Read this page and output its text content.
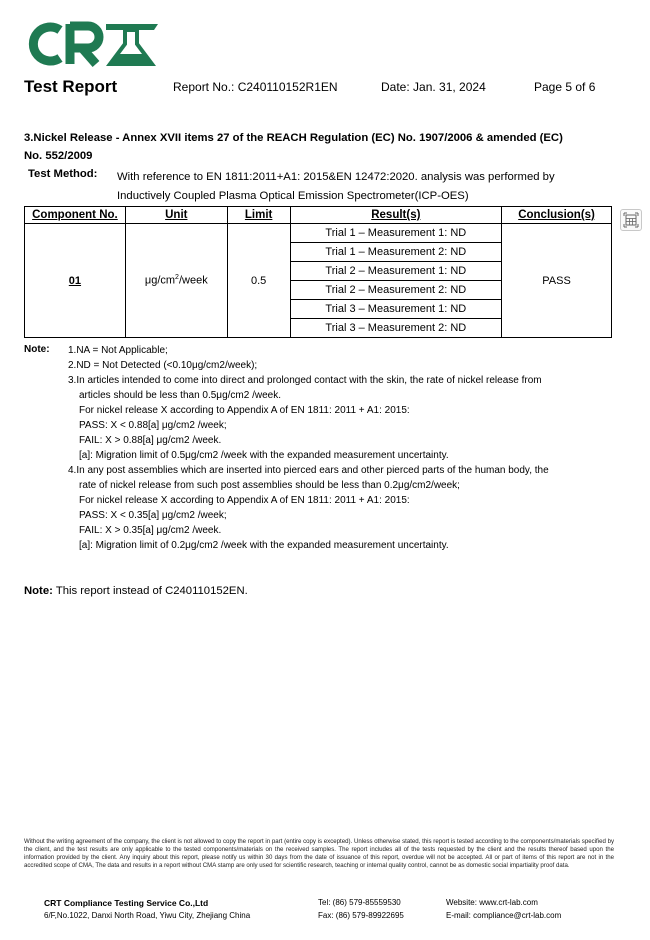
Test Report	Report No.: C240110152R1EN	Date: Jan. 31, 2024	Page 5 of 6
3.Nickel Release - Annex XVII items 27 of the REACH Regulation (EC) No. 1907/2006 & amended (EC)
No. 552/2009
Test Method: With reference to EN 1811:2011+A1: 2015&EN 12472:2020. analysis was performed by
Inductively Coupled Plasma Optical Emission Spectrometer(ICP-OES)
Component No.	Unit	Limit	Result(s)	Conclusion(s)
01	$\mu g/cm^2$/week	0.5	Trial 1 – Measurement 1: ND	PASS
			Trial 1 – Measurement 2: ND	
			Trial 2 – Measurement 1: ND	
			Trial 2 – Measurement 2: ND	
			Trial 3 – Measurement 1: ND	
			Trial 3 – Measurement 2: ND	
Note: 1.NA = Not Applicable;
2.ND = Not Detected (<0.10μg/cm2/week);
3.In articles intended to come into direct and prolonged contact with the skin, the rate of nickel release from
articles should be less than 0.5μg/cm2 /week.
For nickel release X according to Appendix A of EN 1811: 2011 + A1: 2015:
PASS: X < 0.88[a] μg/cm2 /week;
FAIL: X > 0.88[a] μg/cm2 /week.
[a]: Migration limit of 0.5μg/cm2 /week with the expanded measurement uncertainty.
4.In any post assemblies which are inserted into pierced ears and other pierced parts of the human body, the
rate of nickel release from such post assemblies should be less than 0.2μg/cm2/week;
For nickel release X according to Appendix A of EN 1811: 2011 + A1: 2015:
PASS: X < 0.35[a] μg/cm2 /week;
FAIL: X > 0.35[a] μg/cm2 /week.
[a]: Migration limit of 0.2μg/cm2 /week with the expanded measurement uncertainty.
Note: This report instead of C240110152EN.
Without the writing agreement of the company, the client is not allowed to copy the report in part (entire copy is excepted). Unless otherwise stated, this report is tested according to the components/materials specified by the client, and the test results are only applicable to the tested components/materials on the received samples. The report includes all of the tests requested by the client and the results thereof based upon the information provided by the client. Any inquiry about this report, please notify us within 30 days from the date of issuance of this report, overdue will not be accepted. All or part of items of this report are not in the accredited scope of CMA, The data and results in a report without CMA stamp are only used for scientific research, teaching or internal quality control, cannot be as domestic social impartiality proof data.
CRT Compliance Testing Service Co.,Ltd
6/F,No.1022, Danxi North Road, Yiwu City, Zhejiang China
Tel: (86) 579-85559530
Fax: (86) 579-89922695
Website: www.crt-lab.com
E-mail: compliance@crt-lab.com
